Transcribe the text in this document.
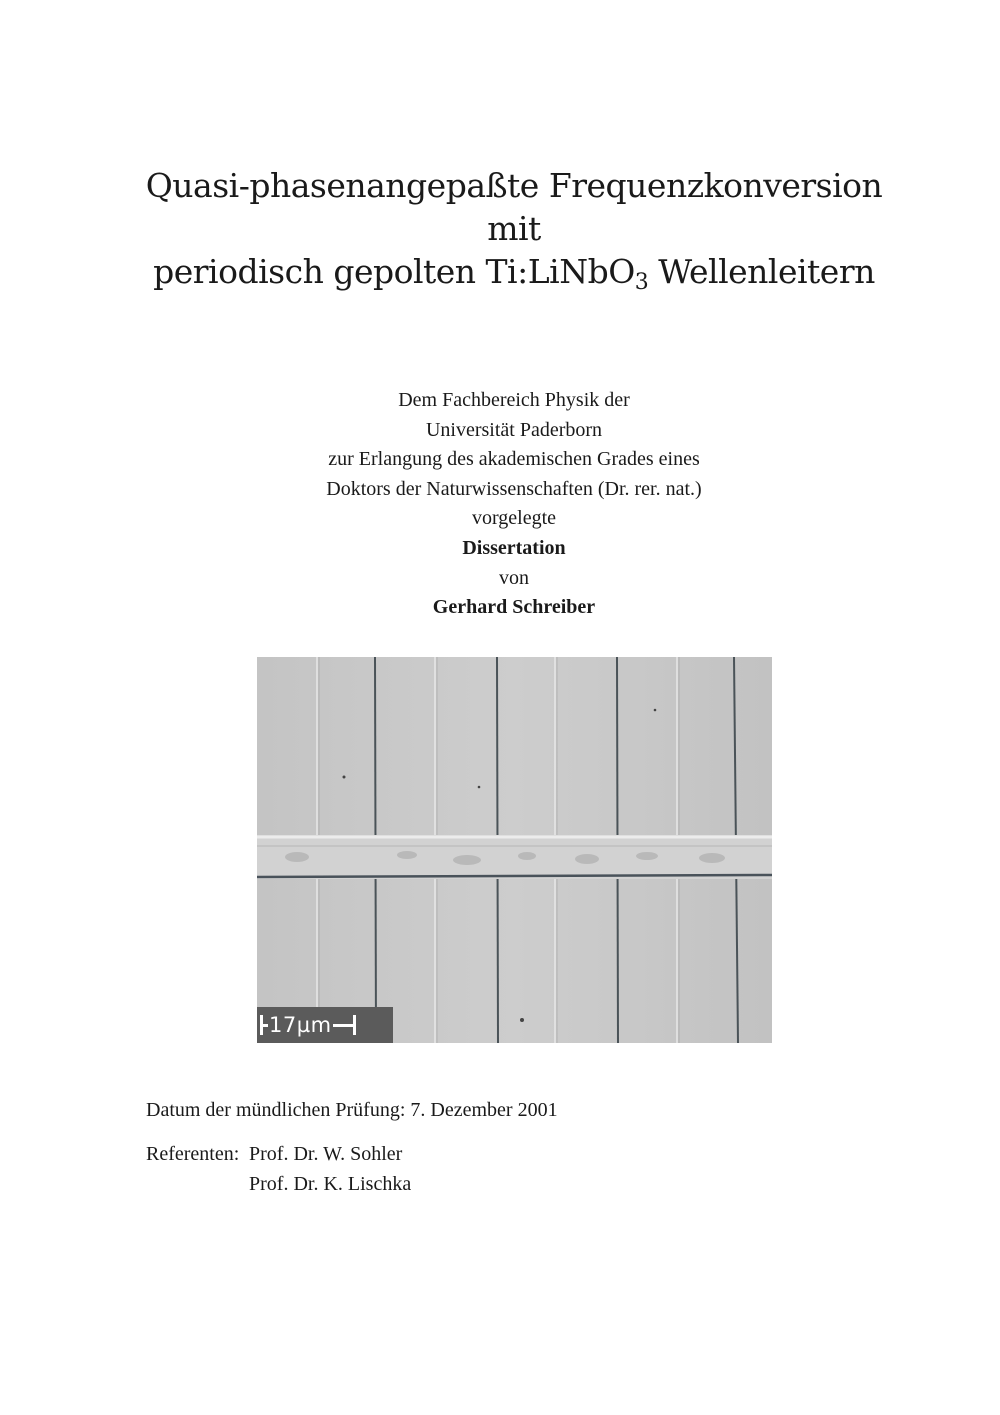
Quasi-phasenangepaßte Frequenzkonversion
mit
periodisch gepolten Ti:LiNbO$_3$ Wellenleitern
Dem Fachbereich Physik der
Universität Paderborn
zur Erlangung des akademischen Grades eines
Doktors der Naturwissenschaften (Dr. rer. nat.)
vorgelegte
Dissertation
von
Gerhard Schreiber
17µm
Datum der mündlichen Prüfung: 7. Dezember 2001
Referenten: Prof. Dr. W. Sohler
Prof. Dr. K. Lischka
